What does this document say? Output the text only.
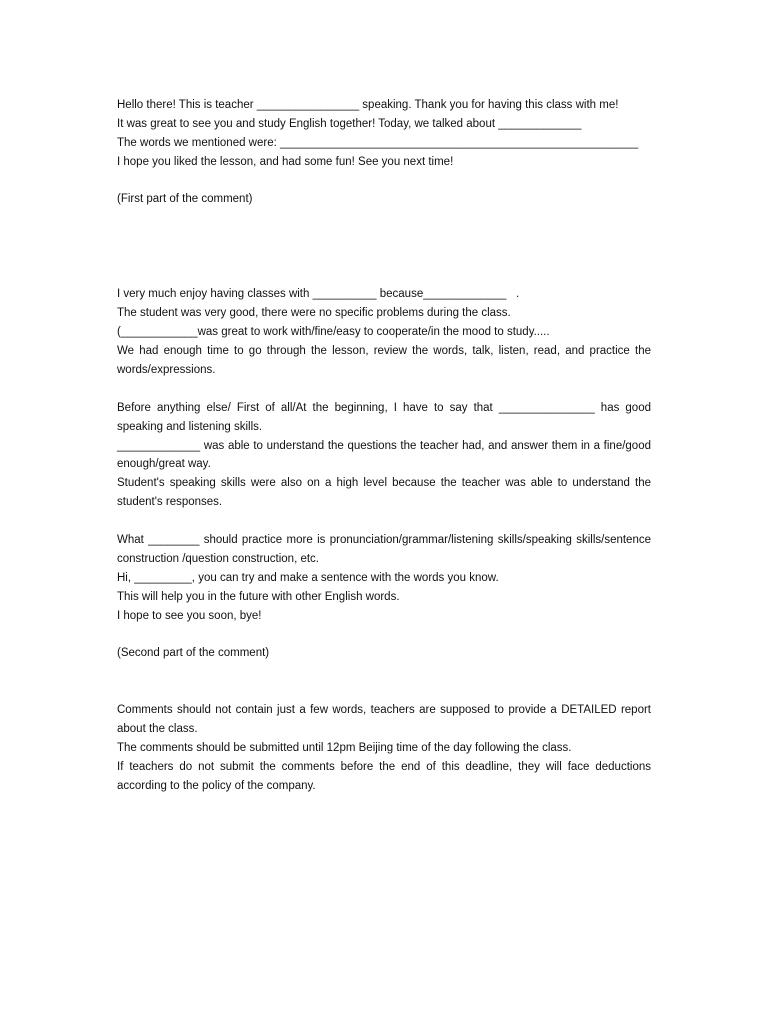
Hello there! This is teacher ________________ speaking. Thank you for having this class with me!

It was great to see you and study English together! Today, we talked about _____________

The words we mentioned were: ________________________________________________________

I hope you liked the lesson, and had some fun! See you next time!

(First part of the comment)

I very much enjoy having classes with __________ because_____________   .

The student was very good, there were no specific problems during the class.

(____________was great to work with/fine/easy to cooperate/in the mood to study.....

We had enough time to go through the lesson, review the words, talk, listen, read, and practice the words/expressions.

Before anything else/ First of all/At the beginning, I have to say that _______________ has good speaking and listening skills.

_____________ was able to understand the questions the teacher had, and answer them in a fine/good enough/great way.

Student's speaking skills were also on a high level because the teacher was able to understand the student's responses.

What ________ should practice more is pronunciation/grammar/listening skills/speaking skills/sentence construction /question construction, etc.

Hi, _________, you can try and make a sentence with the words you know.

This will help you in the future with other English words.

I hope to see you soon, bye!

(Second part of the comment)

Comments should not contain just a few words, teachers are supposed to provide a DETAILED report about the class.

The comments should be submitted until 12pm Beijing time of the day following the class.

If teachers do not submit the comments before the end of this deadline, they will face deductions according to the policy of the company.
